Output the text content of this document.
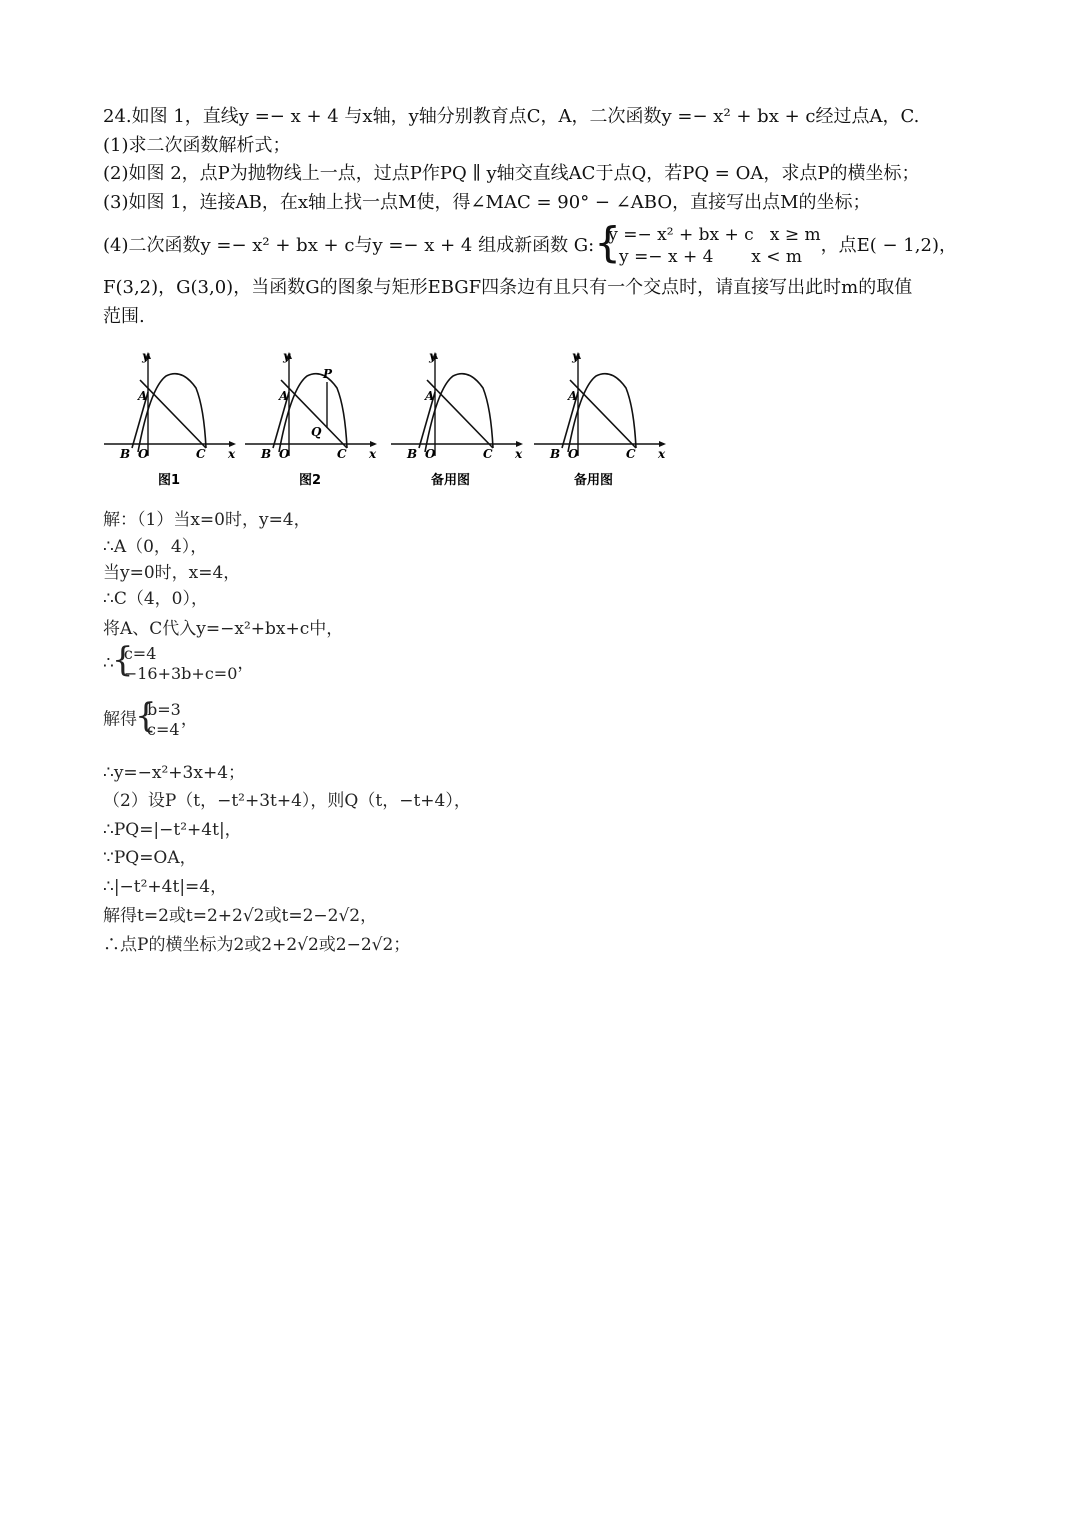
24.如图 1，直线y =− x + 4 与x轴，y轴分别教育点C，A，二次函数y =− x² + bx + c经过点A，C.
(1)求二次函数解析式；
(2)如图 2，点P为抛物线上一点，过点P作PQ ∥ y轴交直线AC于点Q，若PQ = OA，求点P的横坐标；
(3)如图 1，连接AB，在x轴上找一点M使，得∠MAC = 90° − ∠ABO，直接写出点M的坐标；
(4)二次函数y =− x² + bx + c与y =− x + 4 组成新函数 G: { y =− x² + bx + c   x ≥ m
y =− x + 4       x < m
，点E( − 1,2)，
F(3,2)，G(3,0)，当函数G的图象与矩形EBGF四条边有且只有一个交点时，请直接写出此时m的取值
范围.
y
A
B O	C x
图1
y
P
A
Q
B O	C x
图2
y
A
B O	C x
备用图
y
A
B O	C x
备用图
解：（1）当x=0时，y=4，
∴A（0，4），
当y=0时，x=4，
∴C（4，0），
将A、C代入y=−x²+bx+c中，
∴ { c=4
−16+3b+c=0 ，
解得 { b=3
c=4 ，
∴y=−x²+3x+4；
（2）设P（t，−t²+3t+4），则Q（t，−t+4），
∴PQ=|−t²+4t|，
∵PQ=OA，
∴|−t²+4t|=4，
解得t=2或t=2+2√2或t=2−2√2，
∴点P的横坐标为2或2+2√2或2−2√2；
